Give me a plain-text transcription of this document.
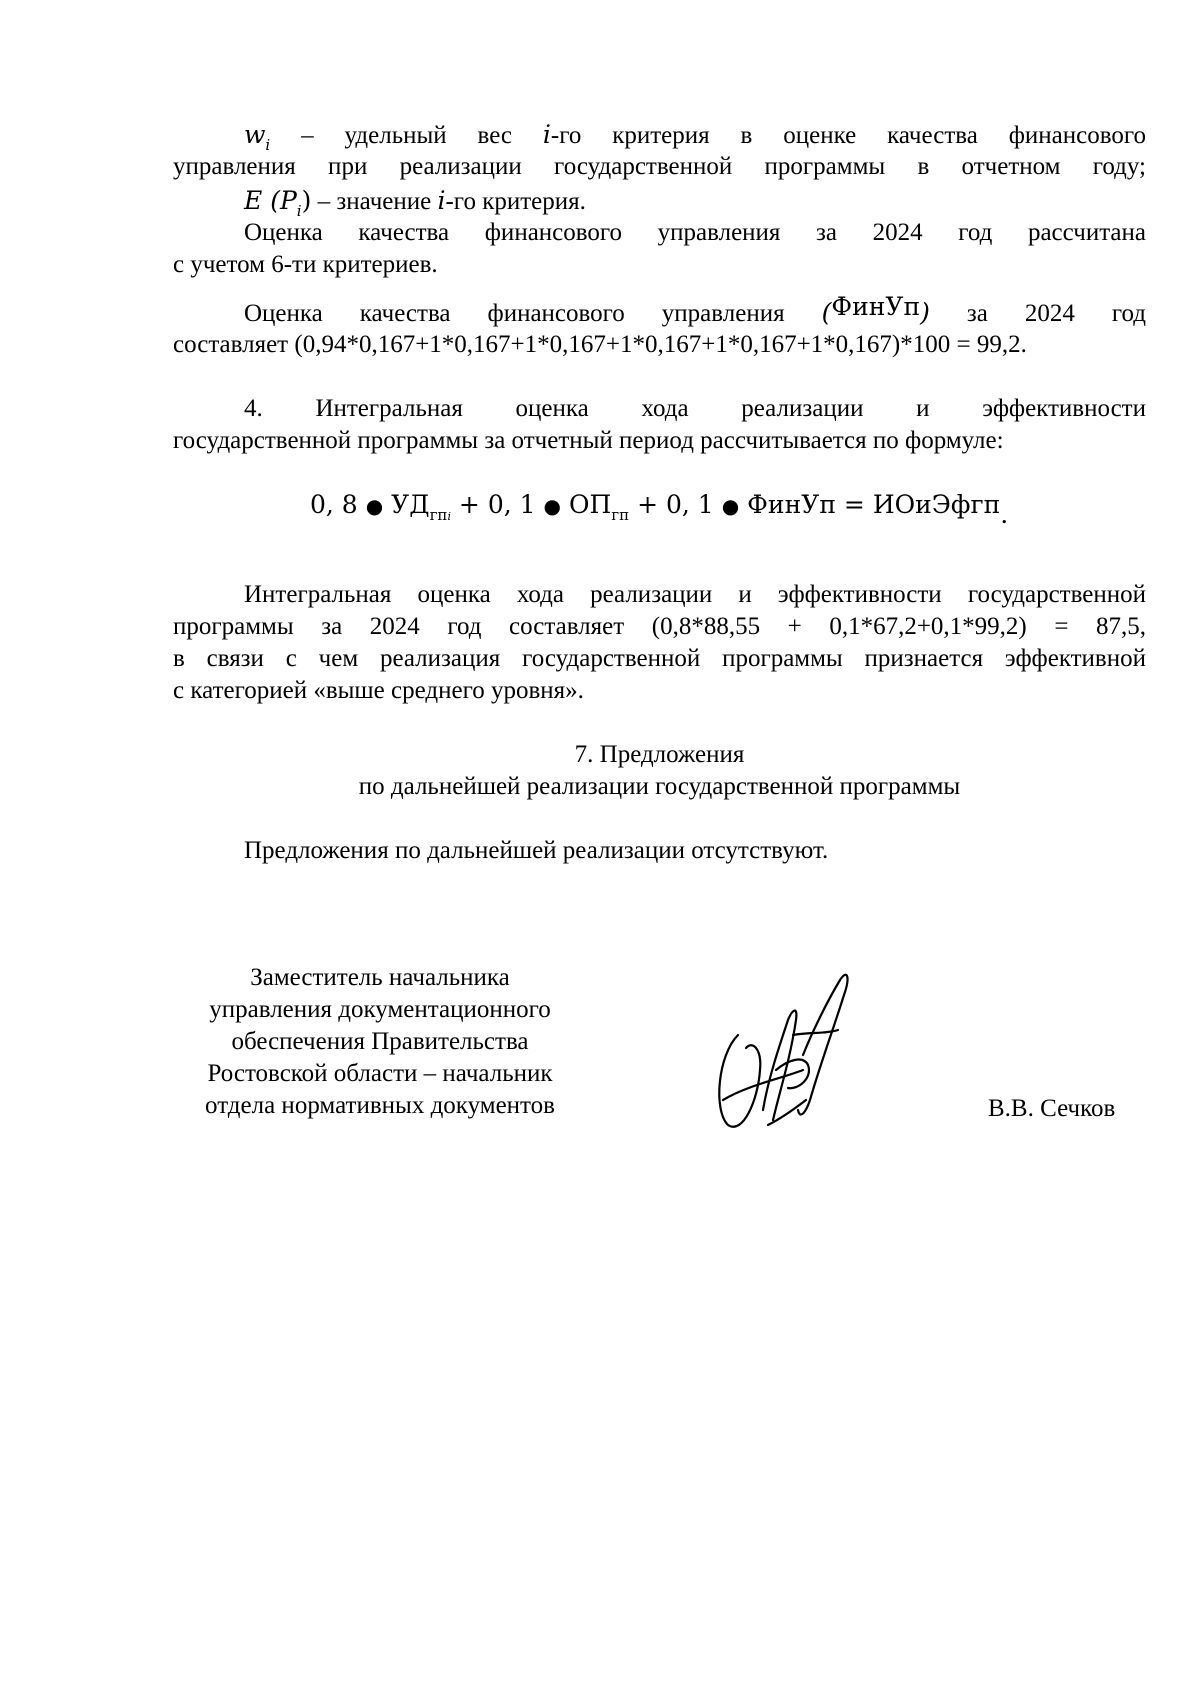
$w_i$ – удельный вес i-го критерия в оценке качества финансового
управления при реализации государственной программы в отчетном году;
E $(P_i)$ – значение i-го критерия.
Оценка качества финансового управления за 2024 год рассчитана
с учетом 6-ти критериев.
Оценка качества финансового управления (ФинУп) за 2024 год
составляет (0,94*0,167+1*0,167+1*0,167+1*0,167+1*0,167+1*0,167)*100 = 99,2.
4. Интегральная оценка хода реализации и эффективности
государственной программы за отчетный период рассчитывается по формуле:
0, 8 ● $УД_{гпi} + 0$, 1 ● $ОП_{гп} + 0$, 1 ● ФинУп = ИОиЭфгп.
Интегральная оценка хода реализации и эффективности государственной
программы за 2024 год составляет (0,8*88,55 + 0,1*67,2+0,1*99,2) = 87,5,
в связи с чем реализация государственной программы признается эффективной
с категорией «выше среднего уровня».
7. Предложения
по дальнейшей реализации государственной программы
Предложения по дальнейшей реализации отсутствуют.
Заместитель начальника
управления документационного
обеспечения Правительства
Ростовской области – начальник
отдела нормативных документов	В.В. Сечков
